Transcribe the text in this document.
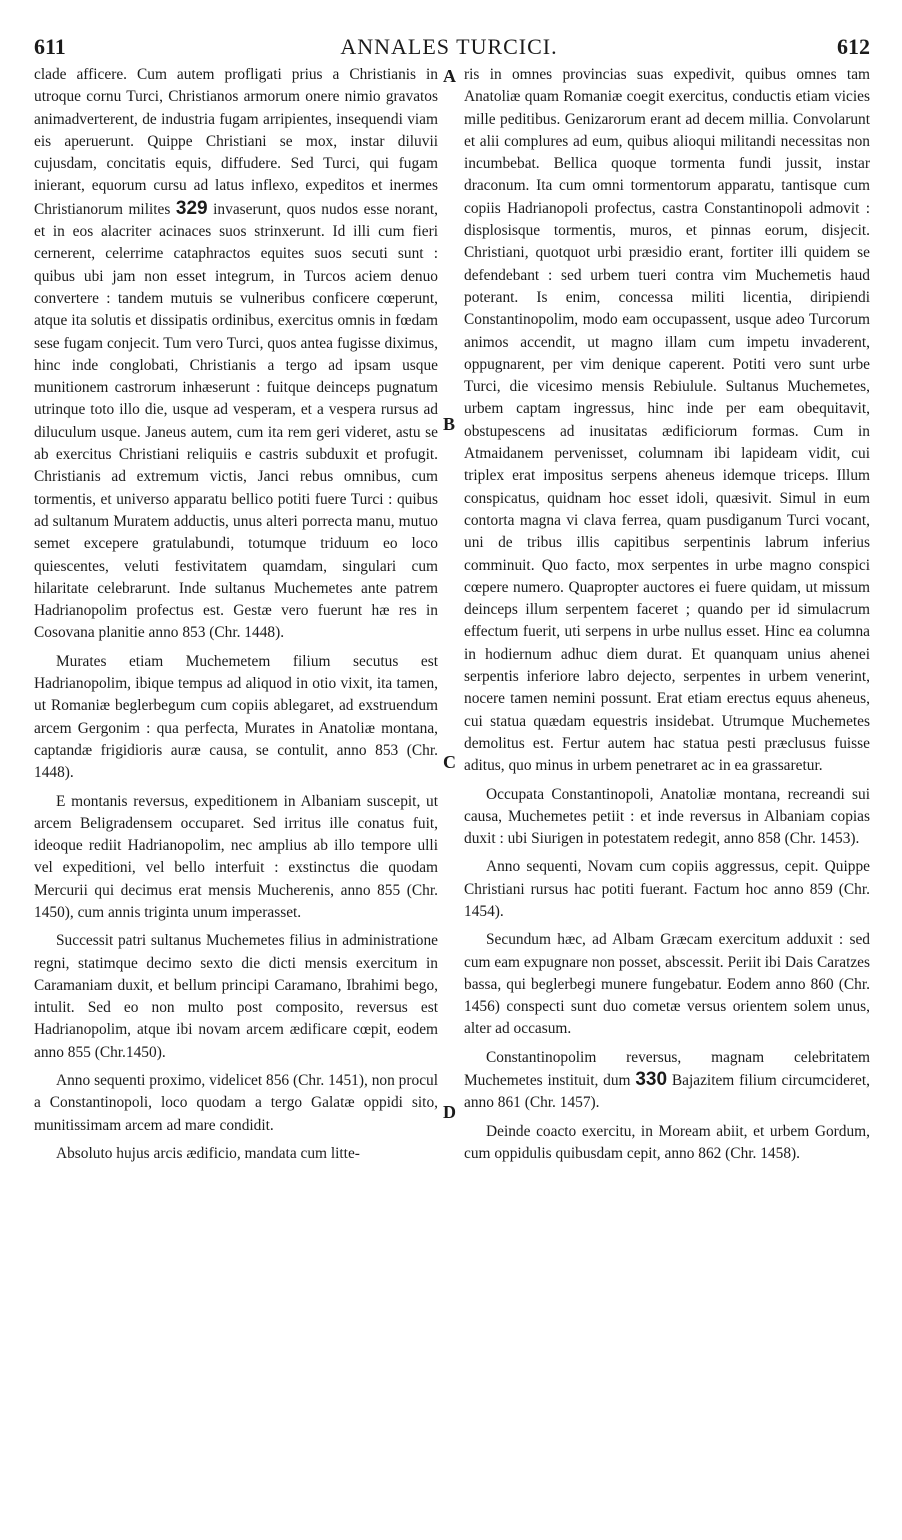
611	ANNALES TURCICI.	612
A
B
C
D

clade afficere. Cum autem profligati prius a Christianis in utroque cornu Turci, Christianos armorum onere nimio gravatos animadverterent, de industria fugam arripientes, insequendi viam eis aperuerunt. Quippe Christiani se mox, instar diluvii cujusdam, concitatis equis, diffudere. Sed Turci, qui fugam inierant, equorum cursu ad latus inflexo, expeditos et inermes Christianorum milites 329 invaserunt, quos nudos esse norant, et in eos alacriter acinaces suos strinxerunt. Id illi cum fieri cernerent, celerrime cataphractos equites suos secuti sunt : quibus ubi jam non esset integrum, in Turcos aciem denuo convertere : tandem mutuis se vulneribus conficere cœperunt, atque ita solutis et dissipatis ordinibus, exercitus omnis in fœdam sese fugam conjecit. Tum vero Turci, quos antea fugisse diximus, hinc inde conglobati, Christianis a tergo ad ipsam usque munitionem castrorum inhæserunt : fuitque deinceps pugnatum utrinque toto illo die, usque ad vesperam, et a vespera rursus ad diluculum usque. Janeus autem, cum ita rem geri videret, astu se ab exercitus Christiani reliquiis e castris subduxit et profugit. Christianis ad extremum victis, Janci rebus omnibus, cum tormentis, et universo apparatu bellico potiti fuere Turci : quibus ad sultanum Muratem adductis, unus alteri porrecta manu, mutuo semet excepere gratulabundi, totumque triduum eo loco quiescentes, veluti festivitatem quamdam, singulari cum hilaritate celebrarunt. Inde sultanus Muchemetes ante patrem Hadrianopolim profectus est. Gestæ vero fuerunt hæ res in Cosovana planitie anno 853 (Chr. 1448).

Murates etiam Muchemetem filium secutus est Hadrianopolim, ibique tempus ad aliquod in otio vixit, ita tamen, ut Romaniæ beglerbegum cum copiis ablegaret, ad exstruendum arcem Gergonim : qua perfecta, Murates in Anatoliæ montana, captandæ frigidioris auræ causa, se contulit, anno 853 (Chr. 1448).

E montanis reversus, expeditionem in Albaniam suscepit, ut arcem Beligradensem occuparet. Sed irritus ille conatus fuit, ideoque rediit Hadrianopolim, nec amplius ab illo tempore ulli vel expeditioni, vel bello interfuit : exstinctus die quodam Mercurii qui decimus erat mensis Mucherenis, anno 855 (Chr. 1450), cum annis triginta unum imperasset.

Successit patri sultanus Muchemetes filius in administratione regni, statimque decimo sexto die dicti mensis exercitum in Caramaniam duxit, et bellum principi Caramano, Ibrahimi bego, intulit. Sed eo non multo post composito, reversus est Hadrianopolim, atque ibi novam arcem ædificare cœpit, eodem anno 855 (Chr.1450).

Anno sequenti proximo, videlicet 856 (Chr. 1451), non procul a Constantinopoli, loco quodam a tergo Galatæ oppidi sito, munitissimam arcem ad mare condidit.

Absoluto hujus arcis ædificio, mandata cum litte-

ris in omnes provincias suas expedivit, quibus omnes tam Anatoliæ quam Romaniæ coegit exercitus, conductis etiam vicies mille peditibus. Genizarorum erant ad decem millia. Convolarunt et alii complures ad eum, quibus alioqui militandi necessitas non incumbebat. Bellica quoque tormenta fundi jussit, instar draconum. Ita cum omni tormentorum apparatu, tantisque cum copiis Hadrianopoli profectus, castra Constantinopoli admovit : displosisque tormentis, muros, et pinnas eorum, disjecit. Christiani, quotquot urbi præsidio erant, fortiter illi quidem se defendebant : sed urbem tueri contra vim Muchemetis haud poterant. Is enim, concessa militi licentia, diripiendi Constantinopolim, modo eam occupassent, usque adeo Turcorum animos accendit, ut magno illam cum impetu invaderent, oppugnarent, per vim denique caperent. Potiti vero sunt urbe Turci, die vicesimo mensis Rebiulule. Sultanus Muchemetes, urbem captam ingressus, hinc inde per eam obequitavit, obstupescens ad inusitatas ædificiorum formas. Cum in Atmaidanem pervenisset, columnam ibi lapideam vidit, cui triplex erat impositus serpens aheneus idemque triceps. Illum conspicatus, quidnam hoc esset idoli, quæsivit. Simul in eum contorta magna vi clava ferrea, quam pusdiganum Turci vocant, uni de tribus illis capitibus serpentinis labrum inferius comminuit. Quo facto, mox serpentes in urbe magno conspici cœpere numero. Quapropter auctores ei fuere quidam, ut missum deinceps illum serpentem faceret ; quando per id simulacrum effectum fuerit, uti serpens in urbe nullus esset. Hinc ea columna in hodiernum adhuc diem durat. Et quanquam unius ahenei serpentis inferiore labro dejecto, serpentes in urbem venerint, nocere tamen nemini possunt. Erat etiam erectus equus aheneus, cui statua quædam equestris insidebat. Utrumque Muchemetes demolitus est. Fertur autem hac statua pesti præclusus fuisse aditus, quo minus in urbem penetraret ac in ea grassaretur.

Occupata Constantinopoli, Anatoliæ montana, recreandi sui causa, Muchemetes petiit : et inde reversus in Albaniam copias duxit : ubi Siurigen in potestatem redegit, anno 858 (Chr. 1453).

Anno sequenti, Novam cum copiis aggressus, cepit. Quippe Christiani rursus hac potiti fuerant. Factum hoc anno 859 (Chr. 1454).

Secundum hæc, ad Albam Græcam exercitum adduxit : sed cum eam expugnare non posset, abscessit. Periit ibi Dais Caratzes bassa, qui beglerbegi munere fungebatur. Eodem anno 860 (Chr. 1456) conspecti sunt duo cometæ versus orientem solem unus, alter ad occasum.

Constantinopolim reversus, magnam celebritatem Muchemetes instituit, dum 330 Bajazitem filium circumcideret, anno 861 (Chr. 1457).

Deinde coacto exercitu, in Moream abiit, et urbem Gordum, cum oppidulis quibusdam cepit, anno 862 (Chr. 1458).
